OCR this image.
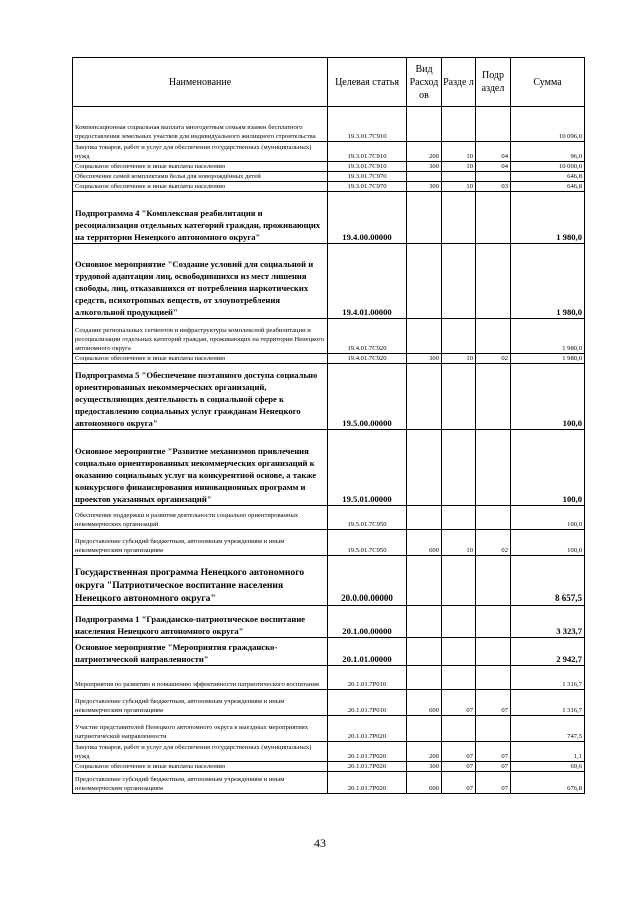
Наименование	Целевая статья	Вид Расход ов	Разде л	Подр аздел	Сумма
Компенсационная социальная выплата многодетным семьям взамен бесплатного предоставления земельных участков для индивидуального жилищного строительства	19.3.01.7С910				10 096,0
Закупка товаров, работ и услуг для обеспечения государственных (муниципальных) нужд	19.3.01.7С910	200	10	04	96,0
Социальное обеспечение и иные выплаты населению	19.3.01.7С910	300	10	04	10 000,0
Обеспечение семей комплектами белья для новорождённых детей	19.3.01.7С970				646,8
Социальное обеспечение и иные выплаты населению	19.3.01.7С970	300	10	03	646,8
Подпрограмма 4 "Комплексная реабилитация и ресоциализация отдельных категорий граждан, проживающих на территории Ненецкого автономного округа"	19.4.00.00000				1 980,0
Основное мероприятие "Создание условий для социальной и трудовой адаптации лиц, освободившихся из мест лишения свободы, лиц, отказавшихся от потребления наркотических средств, психотропных веществ, от злоупотребления алкогольной продукцией"	19.4.01.00000				1 980,0
Создание региональных сегментов и инфраструктуры комплексной реабилитации и ресоциализации отдельных категорий граждан, проживающих на территории Ненецкого автономного округа	19.4.01.7С920				1 980,0
Социальное обеспечение и иные выплаты населению	19.4.01.7С920	300	10	02	1 980,0
Подпрограмма 5 "Обеспечение поэтапного доступа социально ориентированных некоммерческих организаций, осуществляющих деятельность в социальной сфере к предоставлению социальных услуг гражданам Ненецкого автономного округа"	19.5.00.00000				100,0
Основное мероприятие "Развитие механизмов привлечения социально ориентированных некоммерческих организаций к оказанию социальных услуг на конкурентной основе, а также конкурсного финансирования инновационных программ и проектов указанных организаций"	19.5.01.00000				100,0
Обеспечение поддержки и развития деятельности социально ориентированных некоммерческих организаций	19.5.01.7С950				100,0
Предоставление субсидий бюджетным, автономным учреждениям и иным некоммерческим организациям	19.5.01.7С950	600	10	02	100,0
Государственная программа Ненецкого автономного округа "Патриотическое воспитание населения Ненецкого автономного округа"	20.0.00.00000				8 657,5
Подпрограмма 1 "Гражданско-патриотическое воспитание населения Ненецкого автономного округа"	20.1.00.00000				3 323,7
Основное мероприятие "Мероприятия гражданско-патриотической направленности"	20.1.01.00000				2 942,7
Мероприятия по развитию и повышению эффективности патриотического воспитания	20.1.01.7Р010				1 316,7
Предоставление субсидий бюджетным, автономным учреждениям и иным некоммерческим организациям	20.1.01.7Р010	600	07	07	1 316,7
Участие представителей Ненецкого автономного округа в выездных мероприятиях патриотической направленности	20.1.01.7Р020				747,5
Закупка товаров, работ и услуг для обеспечения государственных (муниципальных) нужд	20.1.01.7Р020	200	07	07	1,1
Социальное обеспечение и иные выплаты населению	20.1.01.7Р020	300	07	07	69,6
Предоставление субсидий бюджетным, автономным учреждениям и иным некоммерческим организациям	20.1.01.7Р020	600	07	07	676,8
43
